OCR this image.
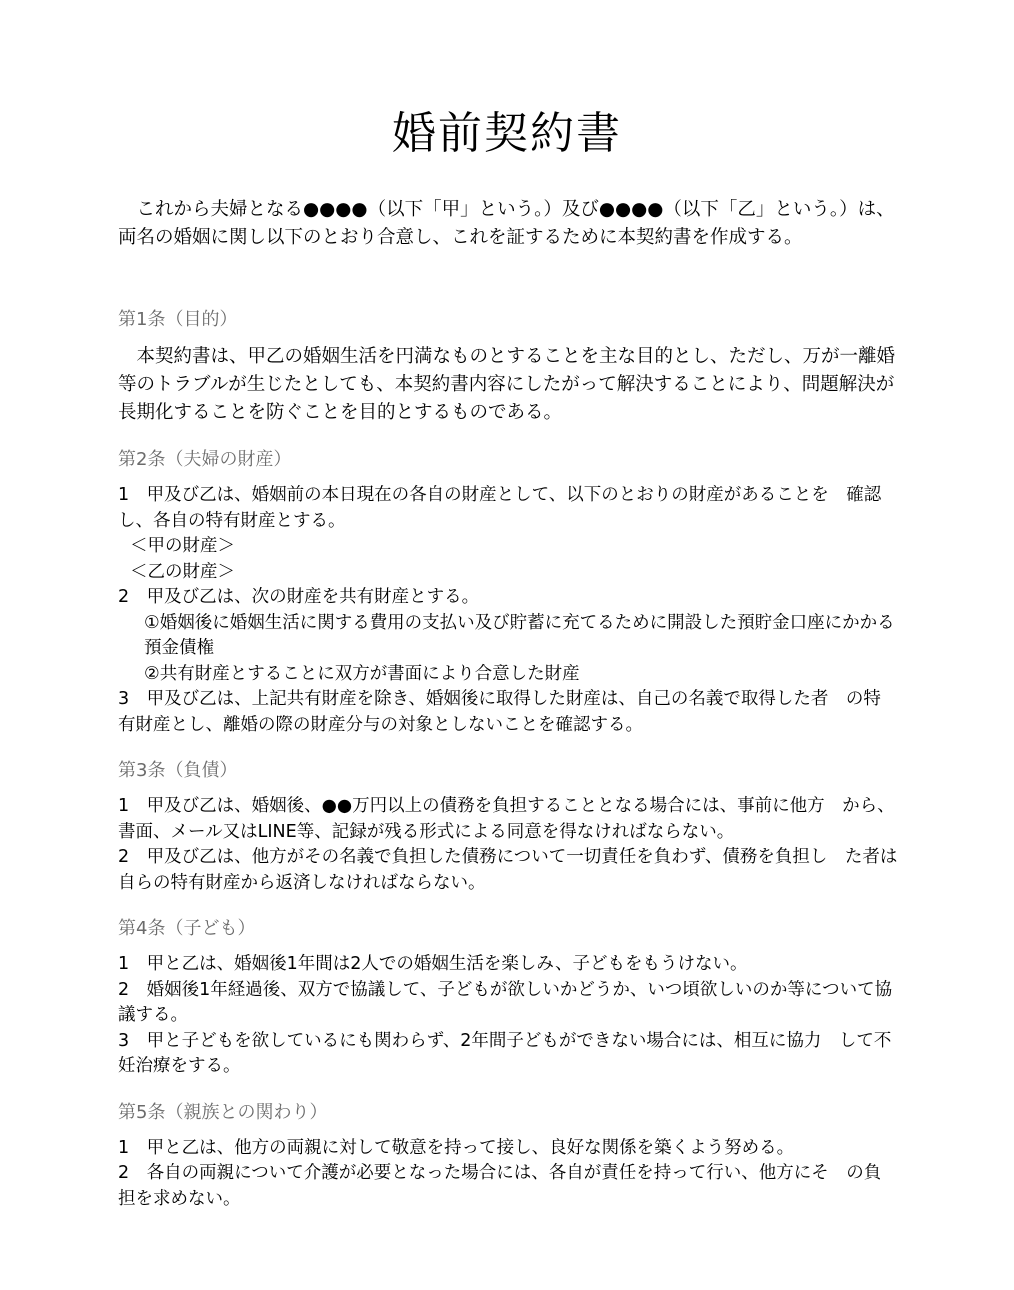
婚前契約書

これから夫婦となる●●●●（以下「甲」という。）及び●●●●（以下「乙」という。）は、両名の婚姻に関し以下のとおり合意し、これを証するために本契約書を作成する。

第1条（目的）

本契約書は、甲乙の婚姻生活を円満なものとすることを主な目的とし、ただし、万が一離婚等のトラブルが生じたとしても、本契約書内容にしたがって解決することにより、問題解決が長期化することを防ぐことを目的とするものである。

第2条（夫婦の財産）

1　甲及び乙は、婚姻前の本日現在の各自の財産として、以下のとおりの財産があることを　確認し、各自の特有財産とする。

＜甲の財産＞

＜乙の財産＞

2　甲及び乙は、次の財産を共有財産とする。

①婚姻後に婚姻生活に関する費用の支払い及び貯蓄に充てるために開設した預貯金口座にかかる預金債権

②共有財産とすることに双方が書面により合意した財産

3　甲及び乙は、上記共有財産を除き、婚姻後に取得した財産は、自己の名義で取得した者　の特有財産とし、離婚の際の財産分与の対象としないことを確認する。

第3条（負債）

1　甲及び乙は、婚姻後、●●万円以上の債務を負担することとなる場合には、事前に他方　から、書面、メール又はLINE等、記録が残る形式による同意を得なければならない。

2　甲及び乙は、他方がその名義で負担した債務について一切責任を負わず、債務を負担し　た者は自らの特有財産から返済しなければならない。

第4条（子ども）

1　甲と乙は、婚姻後1年間は2人での婚姻生活を楽しみ、子どもをもうけない。

2　婚姻後1年経過後、双方で協議して、子どもが欲しいかどうか、いつ頃欲しいのか等について協議する。

3　甲と子どもを欲しているにも関わらず、2年間子どもができない場合には、相互に協力　して不妊治療をする。

第5条（親族との関わり）

1　甲と乙は、他方の両親に対して敬意を持って接し、良好な関係を築くよう努める。

2　各自の両親について介護が必要となった場合には、各自が責任を持って行い、他方にそ　の負担を求めない。
